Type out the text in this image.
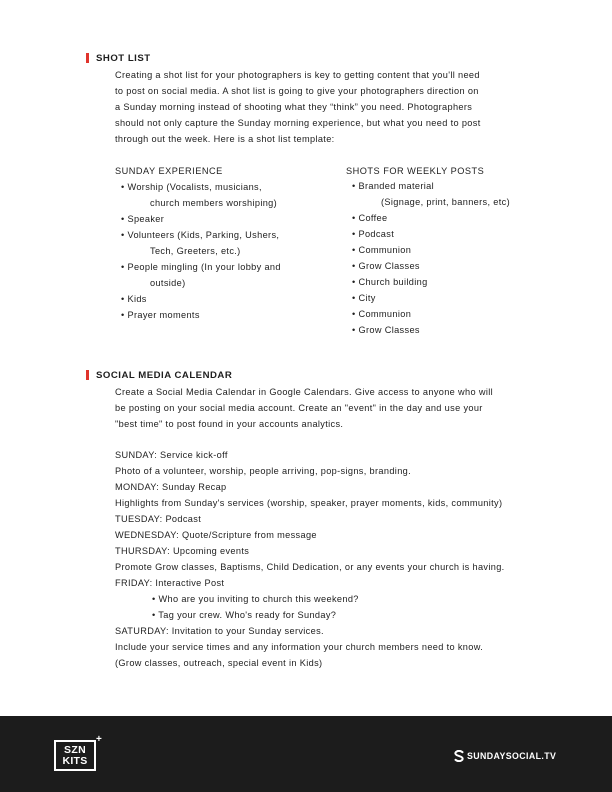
SHOT LIST
Creating a shot list for your photographers is key to getting content that you'll need
to post on social media. A shot list is going to give your photographers direction on
a Sunday morning instead of shooting what they “think” you need. Photographers
should not only capture the Sunday morning experience, but what you need to post
through out the week. Here is a shot list template:
SUNDAY EXPERIENCE
• Worship (Vocalists, musicians,
church members worshiping)
• Speaker
• Volunteers (Kids, Parking, Ushers,
Tech, Greeters, etc.)
• People mingling (In your lobby and
outside)
• Kids
• Prayer moments
SHOTS FOR WEEKLY POSTS
• Branded material
(Signage, print, banners, etc)
• Coffee
• Podcast
• Communion
• Grow Classes
• Church building
• City
• Communion
• Grow Classes
SOCIAL MEDIA CALENDAR
Create a Social Media Calendar in Google Calendars. Give access to anyone who will
be posting on your social media account. Create an "event" in the day and use your
"best time" to post found in your accounts analytics.
SUNDAY: Service kick-off
Photo of a volunteer, worship, people arriving, pop-signs, branding.
MONDAY: Sunday Recap
Highlights from Sunday's services (worship, speaker, prayer moments, kids, community)
TUESDAY: Podcast
WEDNESDAY: Quote/Scripture from message
THURSDAY: Upcoming events
Promote Grow classes, Baptisms, Child Dedication, or any events your church is having.
FRIDAY: Interactive Post
• Who are you inviting to church this weekend?
• Tag your crew. Who's ready for Sunday?
SATURDAY: Invitation to your Sunday services.
Include your service times and any information your church members need to know.
(Grow classes, outreach, special event in Kids)
SZN
KITS
+
SUNDAYSOCIAL.TV
